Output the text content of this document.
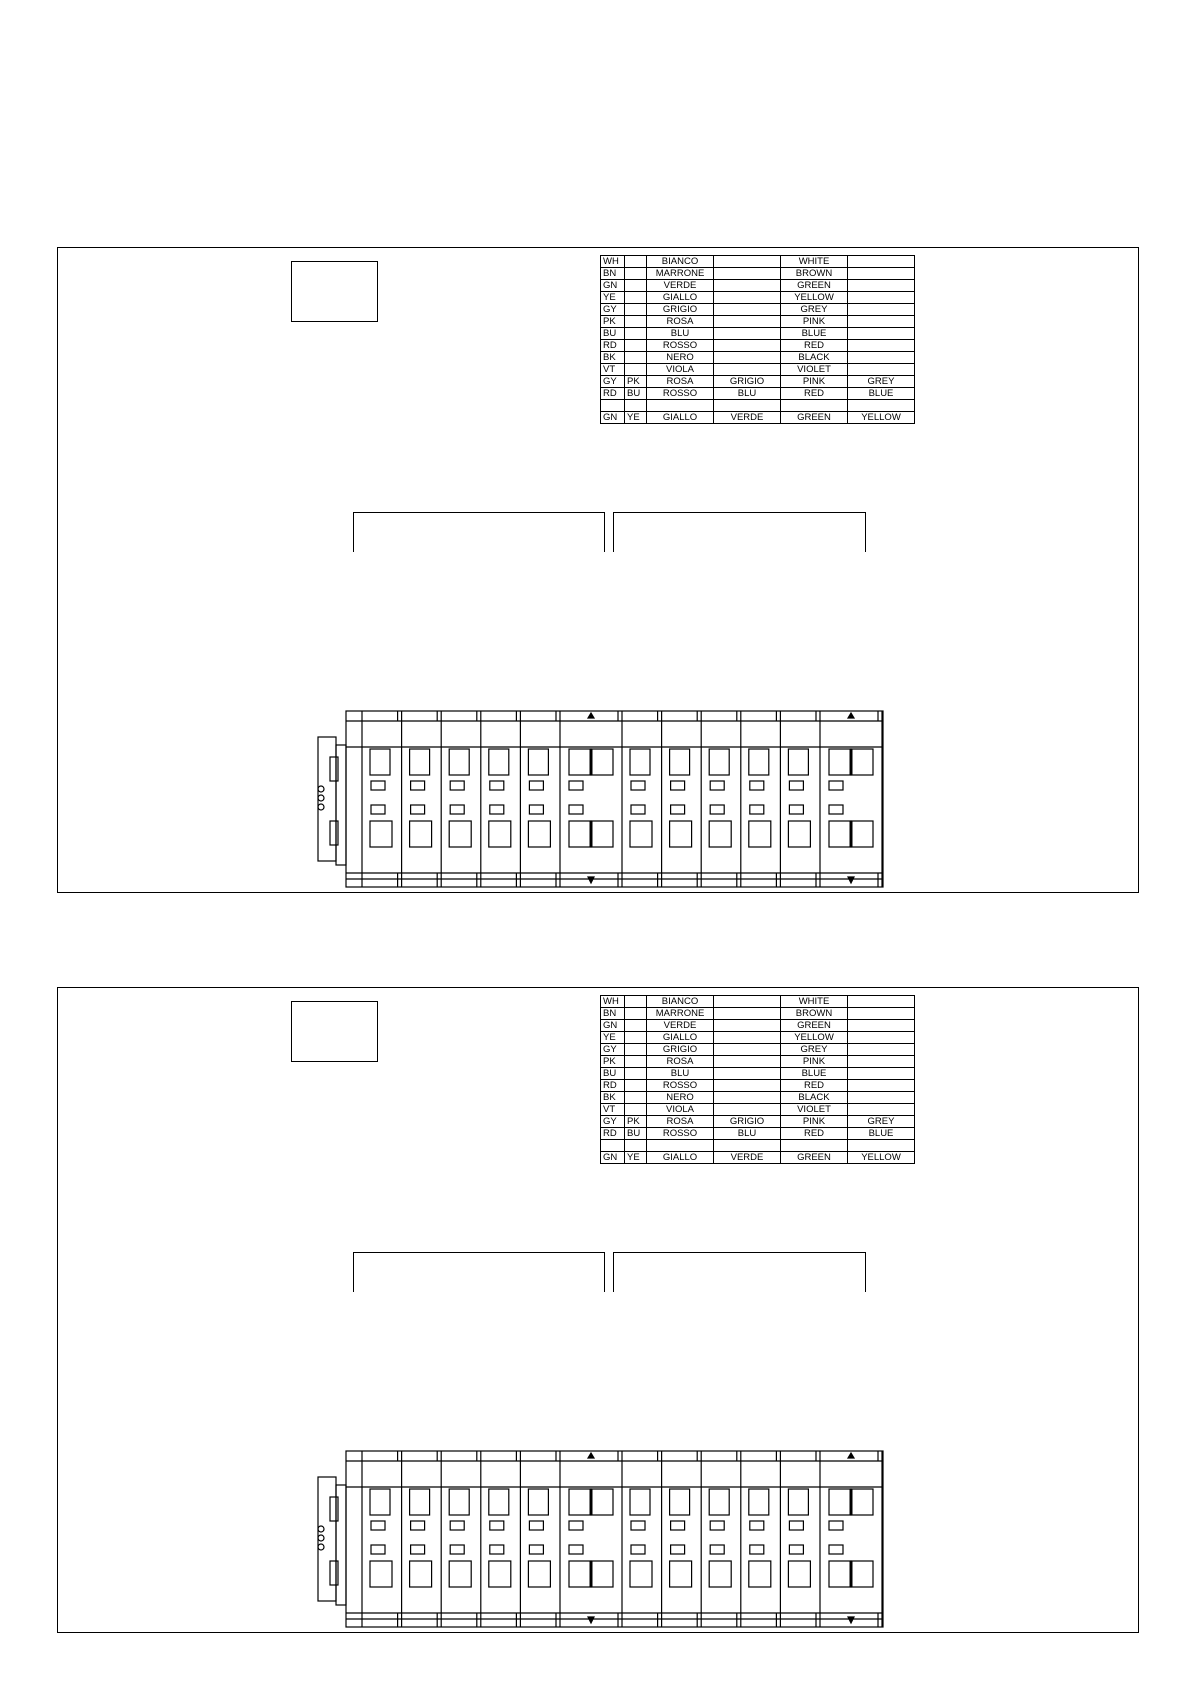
WH		BIANCO		WHITE	
BN		MARRONE		BROWN	
GN		VERDE		GREEN	
YE		GIALLO		YELLOW	
GY		GRIGIO		GREY	
PK		ROSA		PINK	
BU		BLU		BLUE	
RD		ROSSO		RED	
BK		NERO		BLACK	
VT		VIOLA		VIOLET	
GY	PK	ROSA	GRIGIO	PINK	GREY
RD	BU	ROSSO	BLU	RED	BLUE

GN	YE	GIALLO	VERDE	GREEN	YELLOW
WH		BIANCO		WHITE	
BN		MARRONE		BROWN	
GN		VERDE		GREEN	
YE		GIALLO		YELLOW	
GY		GRIGIO		GREY	
PK		ROSA		PINK	
BU		BLU		BLUE	
RD		ROSSO		RED	
BK		NERO		BLACK	
VT		VIOLA		VIOLET	
GY	PK	ROSA	GRIGIO	PINK	GREY
RD	BU	ROSSO	BLU	RED	BLUE

GN	YE	GIALLO	VERDE	GREEN	YELLOW
